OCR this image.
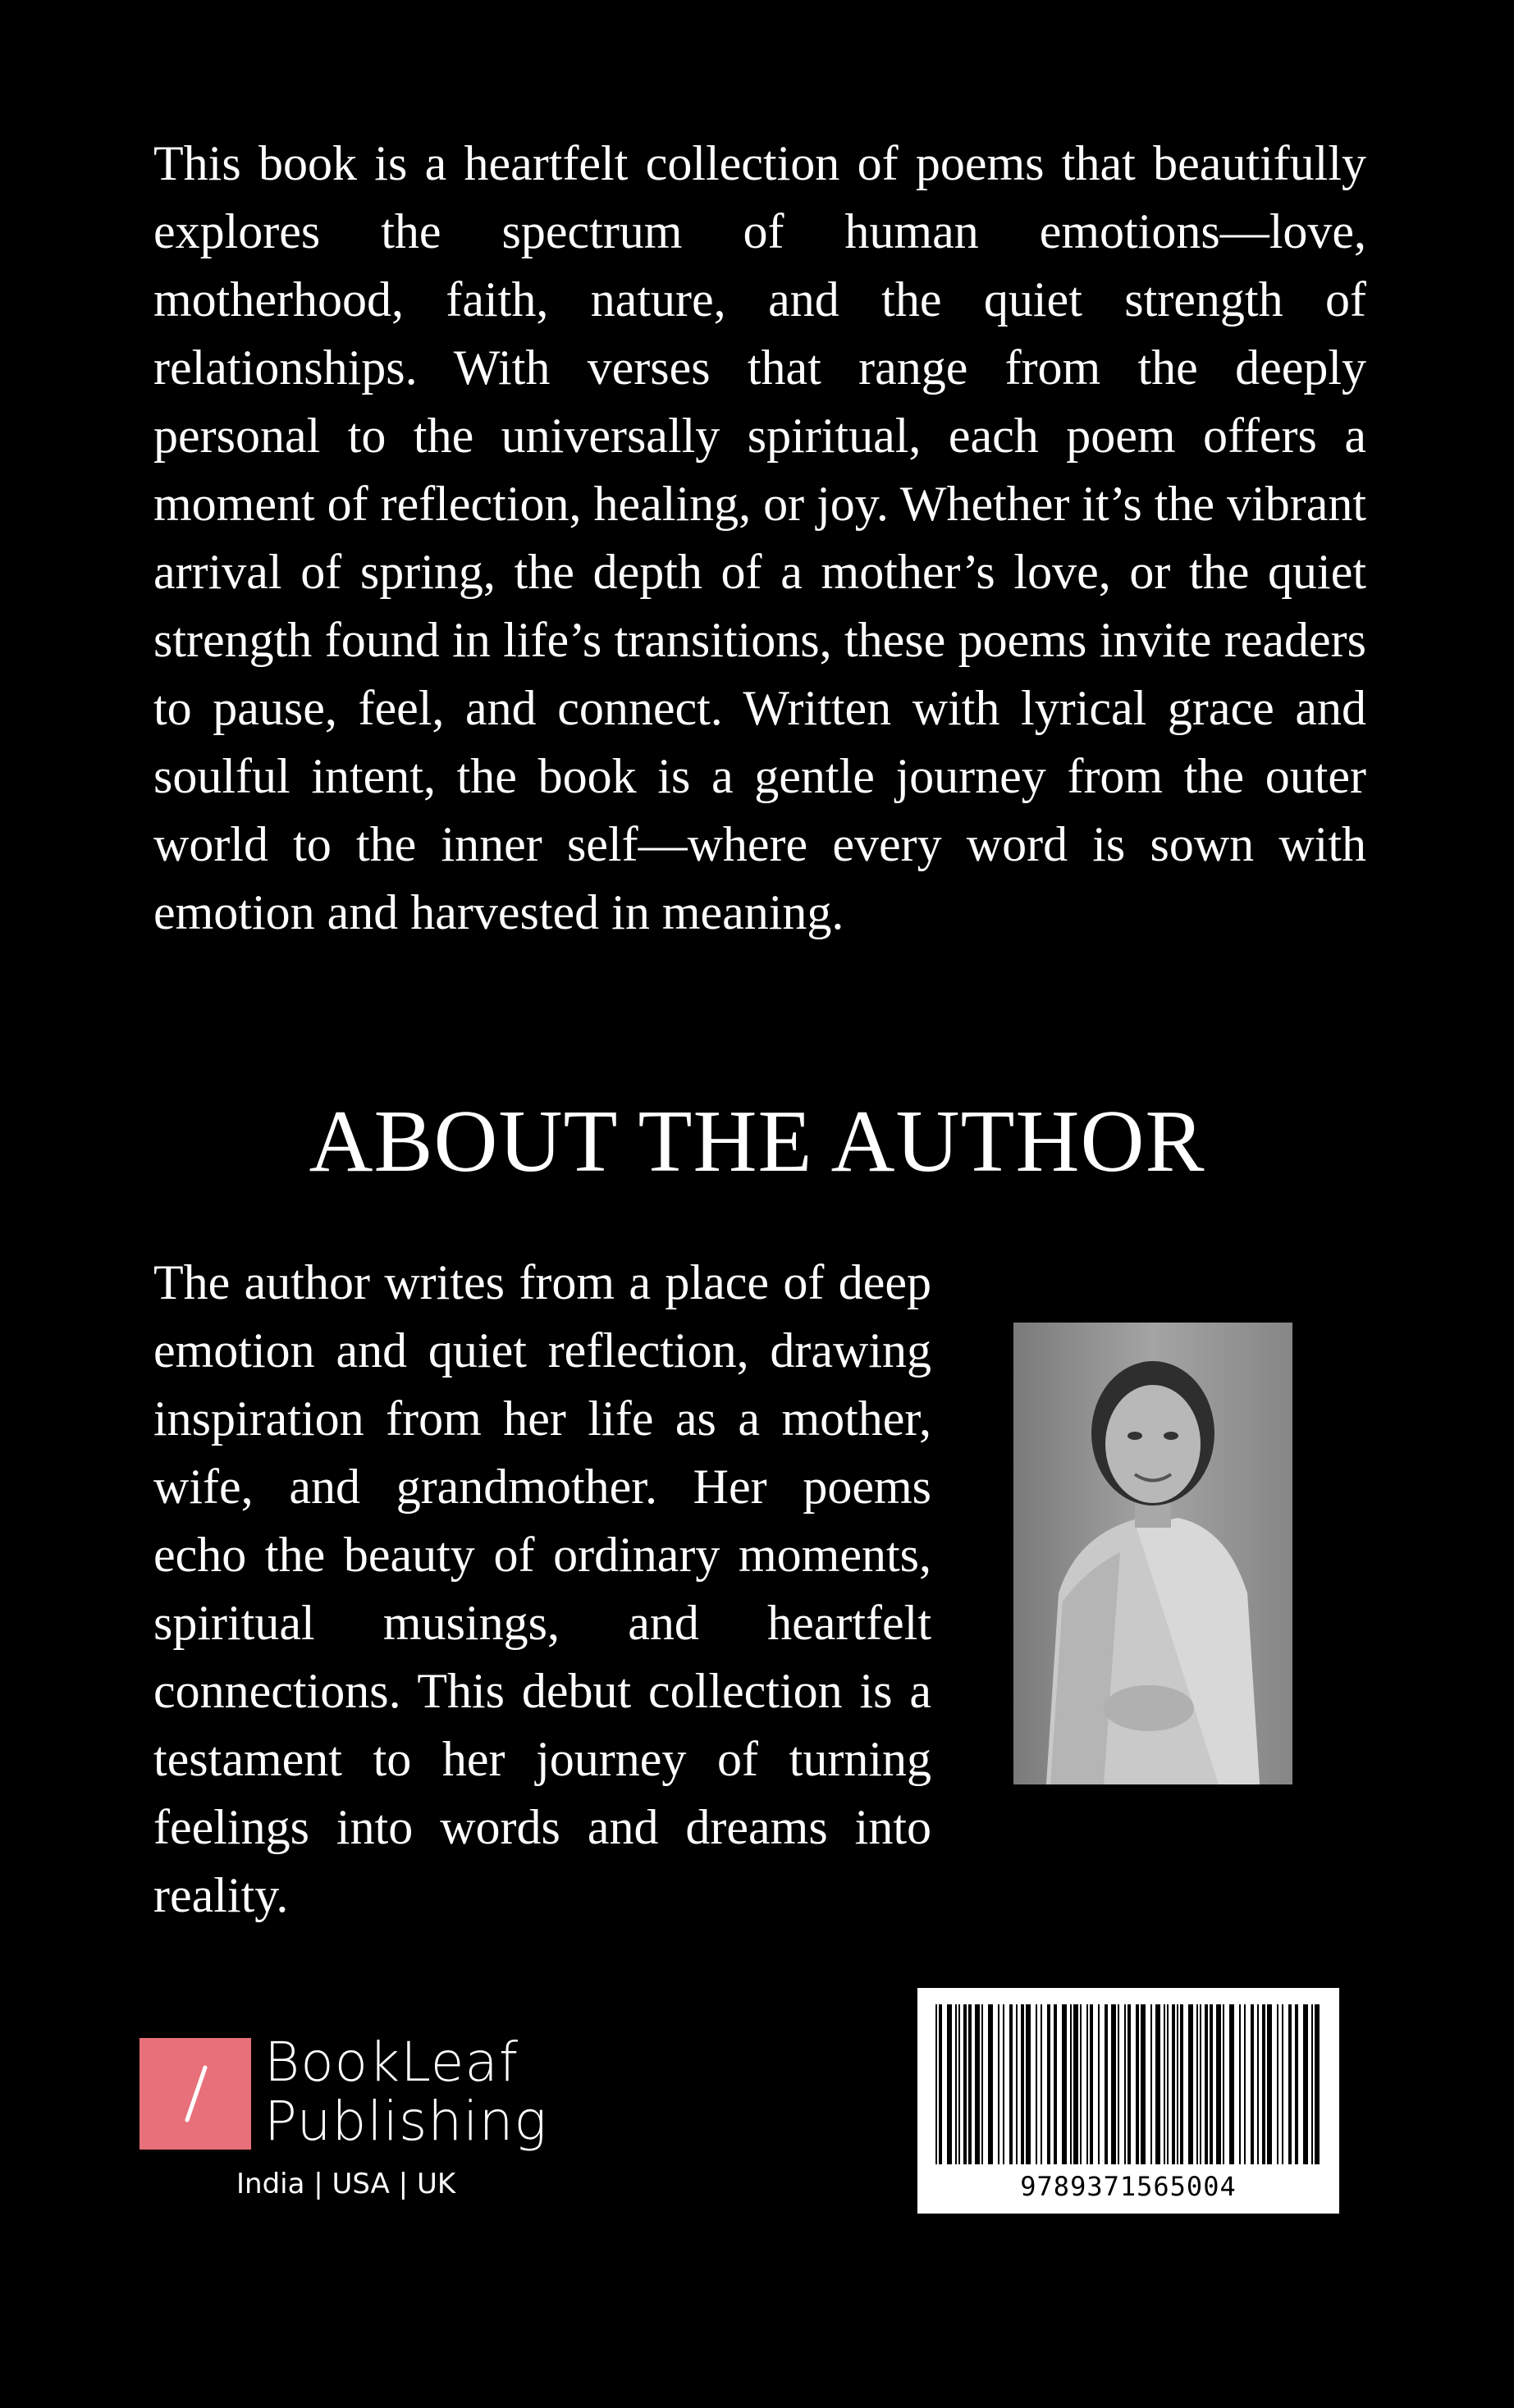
This book is a heartfelt collection of poems that beautifully explores the spectrum of human emotions—love, motherhood, faith, nature, and the quiet strength of relationships. With verses that range from the deeply personal to the universally spiritual, each poem offers a moment of reflection, healing, or joy. Whether it’s the vibrant arrival of spring, the depth of a mother’s love, or the quiet strength found in life’s transitions, these poems invite readers to pause, feel, and connect. Written with lyrical grace and soulful intent, the book is a gentle journey from the outer world to the inner self—where every word is sown with emotion and harvested in meaning.

ABOUT THE AUTHOR

The author writes from a place of deep emotion and quiet reflection, drawing inspiration from her life as a mother, wife, and grandmother. Her poems echo the beauty of ordinary moments, spiritual musings, and heartfelt connections. This debut collection is a testament to her journey of turning feelings into words and dreams into reality.

BookLeaf
Publishing
India | USA | UK	9789371565004
